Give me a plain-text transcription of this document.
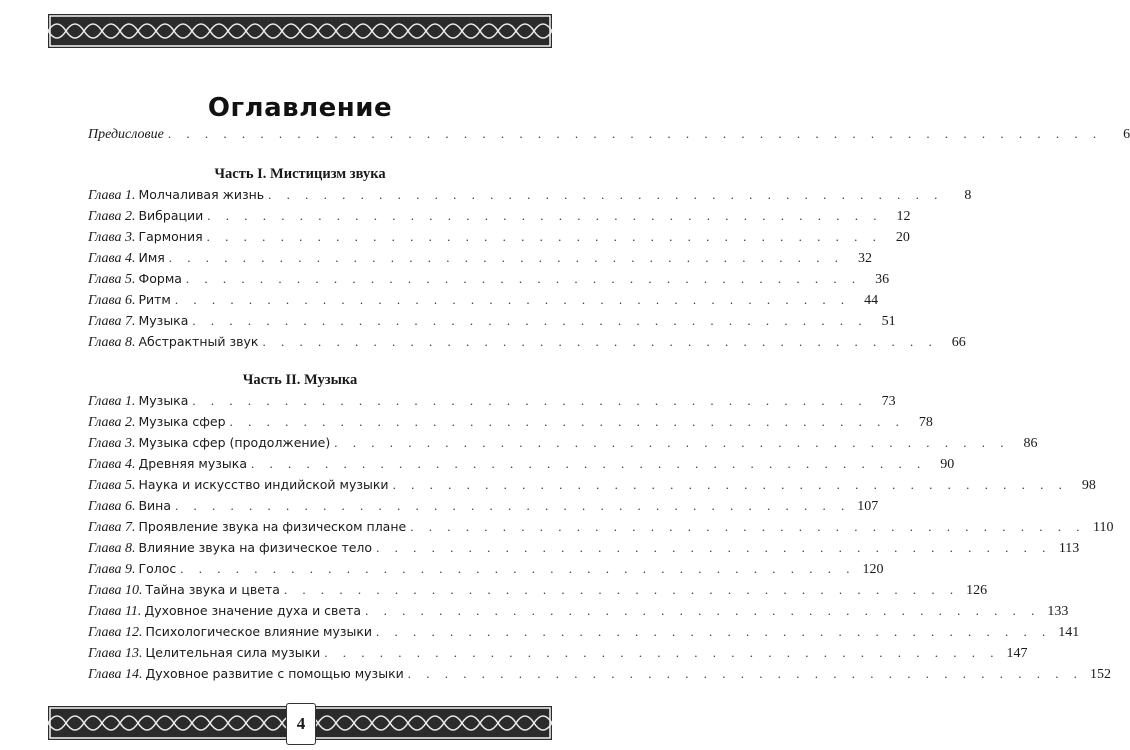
Оглавление
Предисловие . . . . . . . . . . . . . . . . . . . . . . . . . . . . . . . . . . . . . . . . . . . . . . . . . . .	6
Часть I. Мистицизм звука
Глава 1. Молчаливая жизнь . . . . . . . . . . . . . . . . . . . . . . . . . . . . . . . . . . . . .	8
Глава 2. Вибрации . . . . . . . . . . . . . . . . . . . . . . . . . . . . . . . . . . . . .	12
Глава 3. Гармония . . . . . . . . . . . . . . . . . . . . . . . . . . . . . . . . . . . . .	20
Глава 4. Имя . . . . . . . . . . . . . . . . . . . . . . . . . . . . . . . . . . . . .	32
Глава 5. Форма . . . . . . . . . . . . . . . . . . . . . . . . . . . . . . . . . . . . .	36
Глава 6. Ритм . . . . . . . . . . . . . . . . . . . . . . . . . . . . . . . . . . . . .	44
Глава 7. Музыка . . . . . . . . . . . . . . . . . . . . . . . . . . . . . . . . . . . . .	51
Глава 8. Абстрактный звук . . . . . . . . . . . . . . . . . . . . . . . . . . . . . . . . . . . . .	66
Часть II. Музыка
Глава 1. Музыка . . . . . . . . . . . . . . . . . . . . . . . . . . . . . . . . . . . . .	73
Глава 2. Музыка сфер . . . . . . . . . . . . . . . . . . . . . . . . . . . . . . . . . . . . .	78
Глава 3. Музыка сфер (продолжение) . . . . . . . . . . . . . . . . . . . . . . . . . . . . . . . . . . . . .	86
Глава 4. Древняя музыка . . . . . . . . . . . . . . . . . . . . . . . . . . . . . . . . . . . . .	90
Глава 5. Наука и искусство индийской музыки . . . . . . . . . . . . . . . . . . . . . . . . . . . . . . . . . . . . .	98
Глава 6. Вина . . . . . . . . . . . . . . . . . . . . . . . . . . . . . . . . . . . . . 107
Глава 7. Проявление звука на физическом плане . . . . . . . . . . . . . . . . . . . . . . . . . . . . . . . . . . . . . 110
Глава 8. Влияние звука на физическое тело . . . . . . . . . . . . . . . . . . . . . . . . . . . . . . . . . . . . . 113
Глава 9. Голос . . . . . . . . . . . . . . . . . . . . . . . . . . . . . . . . . . . . . 120
Глава 10. Тайна звука и цвета . . . . . . . . . . . . . . . . . . . . . . . . . . . . . . . . . . . . . 126
Глава 11. Духовное значение духа и света . . . . . . . . . . . . . . . . . . . . . . . . . . . . . . . . . . . . . 133
Глава 12. Психологическое влияние музыки . . . . . . . . . . . . . . . . . . . . . . . . . . . . . . . . . . . . . 141
Глава 13. Целительная сила музыки . . . . . . . . . . . . . . . . . . . . . . . . . . . . . . . . . . . . . 147
Глава 14. Духовное развитие с помощью музыки . . . . . . . . . . . . . . . . . . . . . . . . . . . . . . . . . . . . . 152
4
